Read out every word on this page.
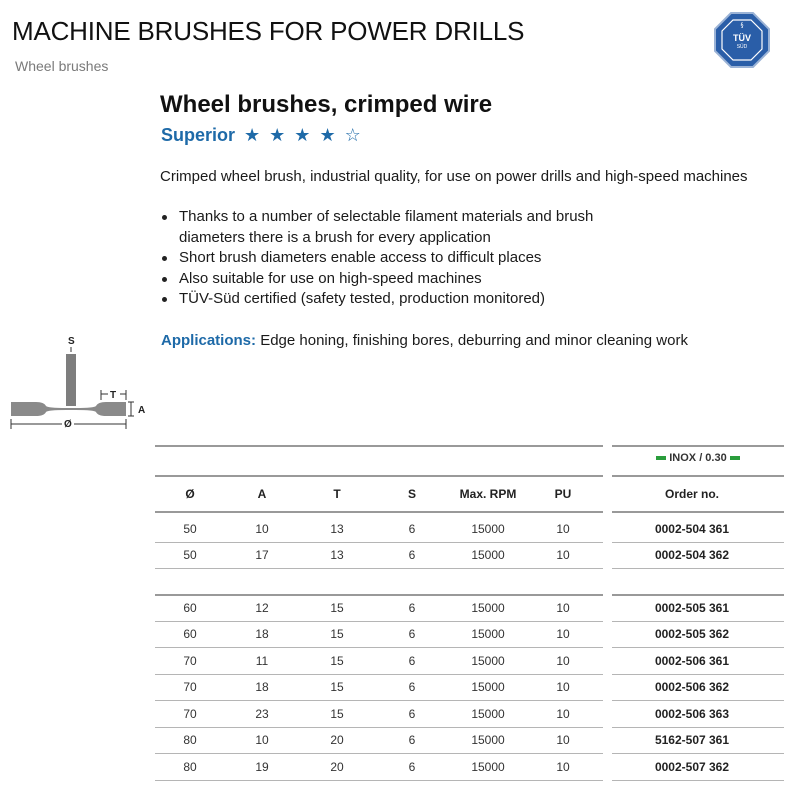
MACHINE BRUSHES FOR POWER DRILLS
Wheel brushes
§
TÜV
SÜD
Wheel brushes, crimped wire
Superior ★ ★ ★ ★ ☆
Crimped wheel brush, industrial quality, for use on power drills and high-speed machines
Thanks to a number of selectable filament materials and brush diameters there is a brush for every application
Short brush diameters enable access to difficult places
Also suitable for use on high-speed machines
TÜV-Süd certified (safety tested, production monitored)
Applications: Edge honing, finishing bores, deburring and minor cleaning work
S
T
A
Ø
INOX / 0.30
Ø	A	T	S	Max. RPM	PU	Order no.
50	10	13	6	15000	10	0002-504 361
50	17	13	6	15000	10	0002-504 362
60	12	15	6	15000	10	0002-505 361
60	18	15	6	15000	10	0002-505 362
70	11	15	6	15000	10	0002-506 361
70	18	15	6	15000	10	0002-506 362
70	23	15	6	15000	10	0002-506 363
80	10	20	6	15000	10	5162-507 361
80	19	20	6	15000	10	0002-507 362
